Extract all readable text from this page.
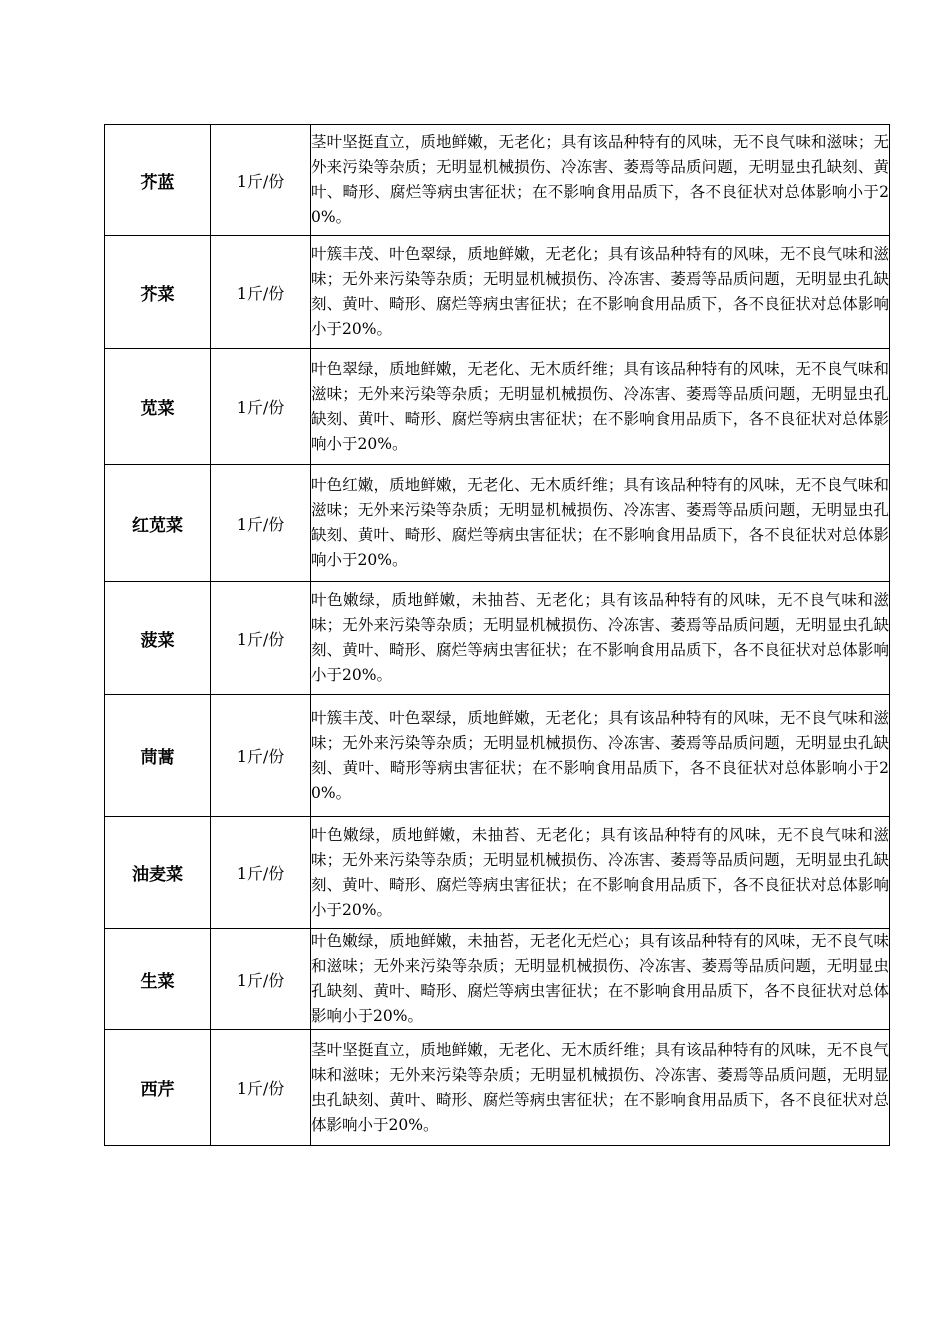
芥蓝	1斤/份	茎叶坚挺直立，质地鲜嫩，无老化；具有该品种特有的风味，无不良气味和滋味；无外来污染等杂质；无明显机械损伤、冷冻害、萎焉等品质问题，无明显虫孔缺刻、黄叶、畸形、腐烂等病虫害征状；在不影响食用品质下，各不良征状对总体影响小于20%。
芥菜	1斤/份	叶簇丰茂、叶色翠绿，质地鲜嫩，无老化；具有该品种特有的风味，无不良气味和滋味；无外来污染等杂质；无明显机械损伤、冷冻害、萎焉等品质问题，无明显虫孔缺刻、黄叶、畸形、腐烂等病虫害征状；在不影响食用品质下，各不良征状对总体影响小于20%。
苋菜	1斤/份	叶色翠绿，质地鲜嫩，无老化、无木质纤维；具有该品种特有的风味，无不良气味和滋味；无外来污染等杂质；无明显机械损伤、冷冻害、萎焉等品质问题，无明显虫孔缺刻、黄叶、畸形、腐烂等病虫害征状；在不影响食用品质下，各不良征状对总体影响小于20%。
红苋菜	1斤/份	叶色红嫩，质地鲜嫩，无老化、无木质纤维；具有该品种特有的风味，无不良气味和滋味；无外来污染等杂质；无明显机械损伤、冷冻害、萎焉等品质问题，无明显虫孔缺刻、黄叶、畸形、腐烂等病虫害征状；在不影响食用品质下，各不良征状对总体影响小于20%。
菠菜	1斤/份	叶色嫩绿，质地鲜嫩，未抽苔、无老化；具有该品种特有的风味，无不良气味和滋味；无外来污染等杂质；无明显机械损伤、冷冻害、萎焉等品质问题，无明显虫孔缺刻、黄叶、畸形、腐烂等病虫害征状；在不影响食用品质下，各不良征状对总体影响小于20%。
茼蒿	1斤/份	叶簇丰茂、叶色翠绿，质地鲜嫩，无老化；具有该品种特有的风味，无不良气味和滋味；无外来污染等杂质；无明显机械损伤、冷冻害、萎焉等品质问题，无明显虫孔缺刻、黄叶、畸形等病虫害征状；在不影响食用品质下，各不良征状对总体影响小于20%。
油麦菜	1斤/份	叶色嫩绿，质地鲜嫩，未抽苔、无老化；具有该品种特有的风味，无不良气味和滋味；无外来污染等杂质；无明显机械损伤、冷冻害、萎焉等品质问题，无明显虫孔缺刻、黄叶、畸形、腐烂等病虫害征状；在不影响食用品质下，各不良征状对总体影响小于20%。
生菜	1斤/份	叶色嫩绿，质地鲜嫩，未抽苔，无老化无烂心；具有该品种特有的风味，无不良气味和滋味；无外来污染等杂质；无明显机械损伤、冷冻害、萎焉等品质问题，无明显虫孔缺刻、黄叶、畸形、腐烂等病虫害征状；在不影响食用品质下，各不良征状对总体影响小于20%。
西芹	1斤/份	茎叶坚挺直立，质地鲜嫩，无老化、无木质纤维；具有该品种特有的风味，无不良气味和滋味；无外来污染等杂质；无明显机械损伤、冷冻害、萎焉等品质问题，无明显虫孔缺刻、黄叶、畸形、腐烂等病虫害征状；在不影响食用品质下，各不良征状对总体影响小于20%。
